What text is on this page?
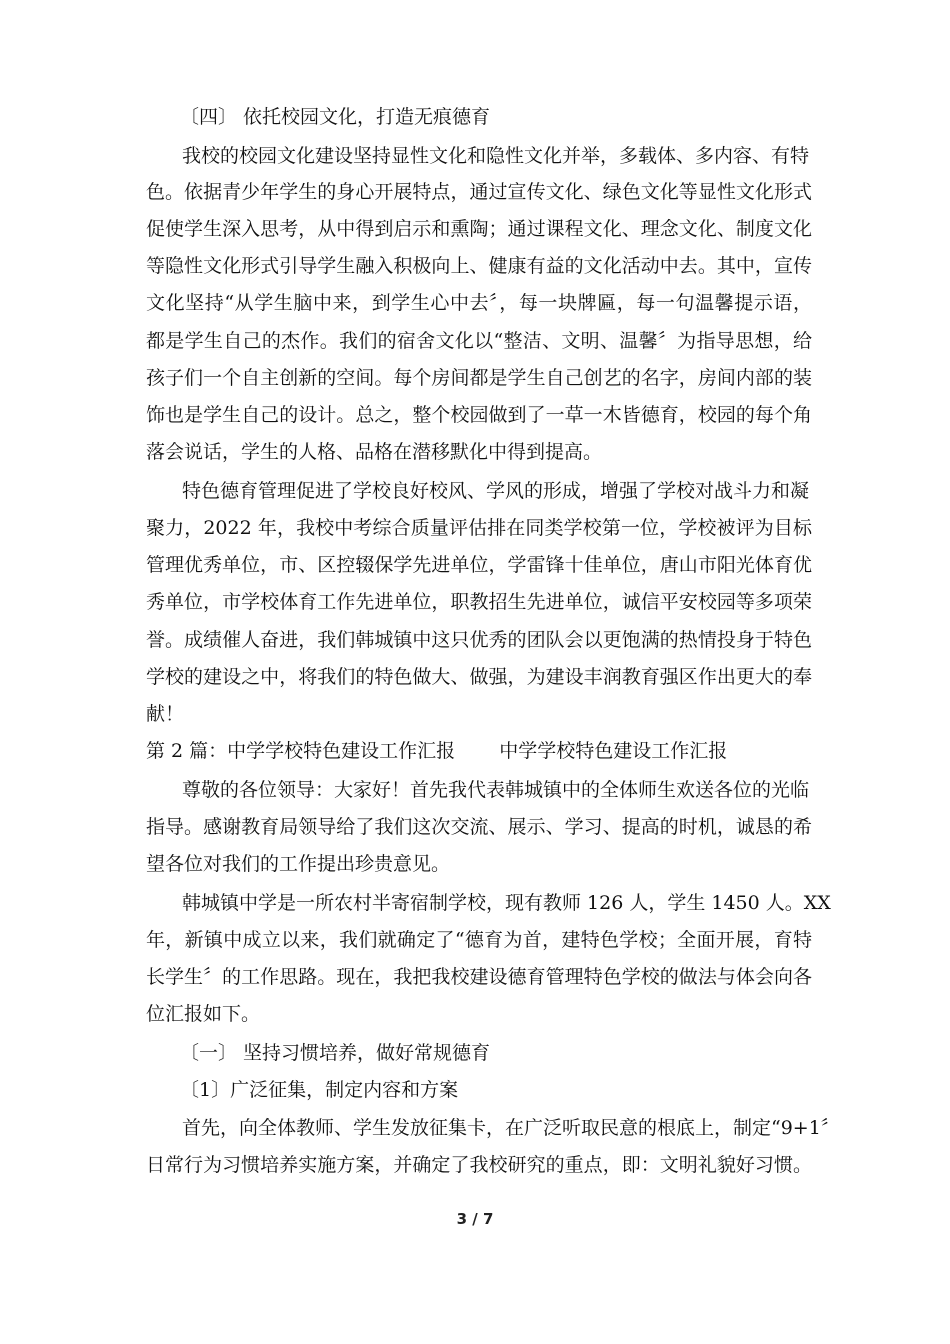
〔四〕 依托校园文化，打造无痕德育
我校的校园文化建设坚持显性文化和隐性文化并举，多载体、多内容、有特
色。依据青少年学生的身心开展特点，通过宣传文化、绿色文化等显性文化形式
促使学生深入思考，从中得到启示和熏陶；通过课程文化、理念文化、制度文化
等隐性文化形式引导学生融入积极向上、健康有益的文化活动中去。其中，宣传
文化坚持“从学生脑中来，到学生心中去〞，每一块牌匾，每一句温馨提示语，
都是学生自己的杰作。我们的宿舍文化以“整洁、文明、温馨〞为指导思想，给
孩子们一个自主创新的空间。每个房间都是学生自己创艺的名字，房间内部的装
饰也是学生自己的设计。总之，整个校园做到了一草一木皆德育，校园的每个角
落会说话，学生的人格、品格在潜移默化中得到提高。
特色德育管理促进了学校良好校风、学风的形成，增强了学校对战斗力和凝
聚力，2022 年，我校中考综合质量评估排在同类学校第一位，学校被评为目标
管理优秀单位，市、区控辍保学先进单位，学雷锋十佳单位，唐山市阳光体育优
秀单位，市学校体育工作先进单位，职教招生先进单位，诚信平安校园等多项荣
誉。成绩催人奋进，我们韩城镇中这只优秀的团队会以更饱满的热情投身于特色
学校的建设之中，将我们的特色做大、做强，为建设丰润教育强区作出更大的奉
献！
第 2 篇：中学学校特色建设工作汇报 　　中学学校特色建设工作汇报
尊敬的各位领导：大家好！首先我代表韩城镇中的全体师生欢送各位的光临
指导。感谢教育局领导给了我们这次交流、展示、学习、提高的时机，诚恳的希
望各位对我们的工作提出珍贵意见。
韩城镇中学是一所农村半寄宿制学校，现有教师 126 人，学生 1450 人。XX
年，新镇中成立以来，我们就确定了“德育为首，建特色学校；全面开展，育特
长学生〞的工作思路。现在，我把我校建设德育管理特色学校的做法与体会向各
位汇报如下。
〔一〕 坚持习惯培养，做好常规德育
〔1〕广泛征集，制定内容和方案
首先，向全体教师、学生发放征集卡，在广泛听取民意的根底上，制定“9+1〞
日常行为习惯培养实施方案，并确定了我校研究的重点，即：文明礼貌好习惯。
3 / 7
